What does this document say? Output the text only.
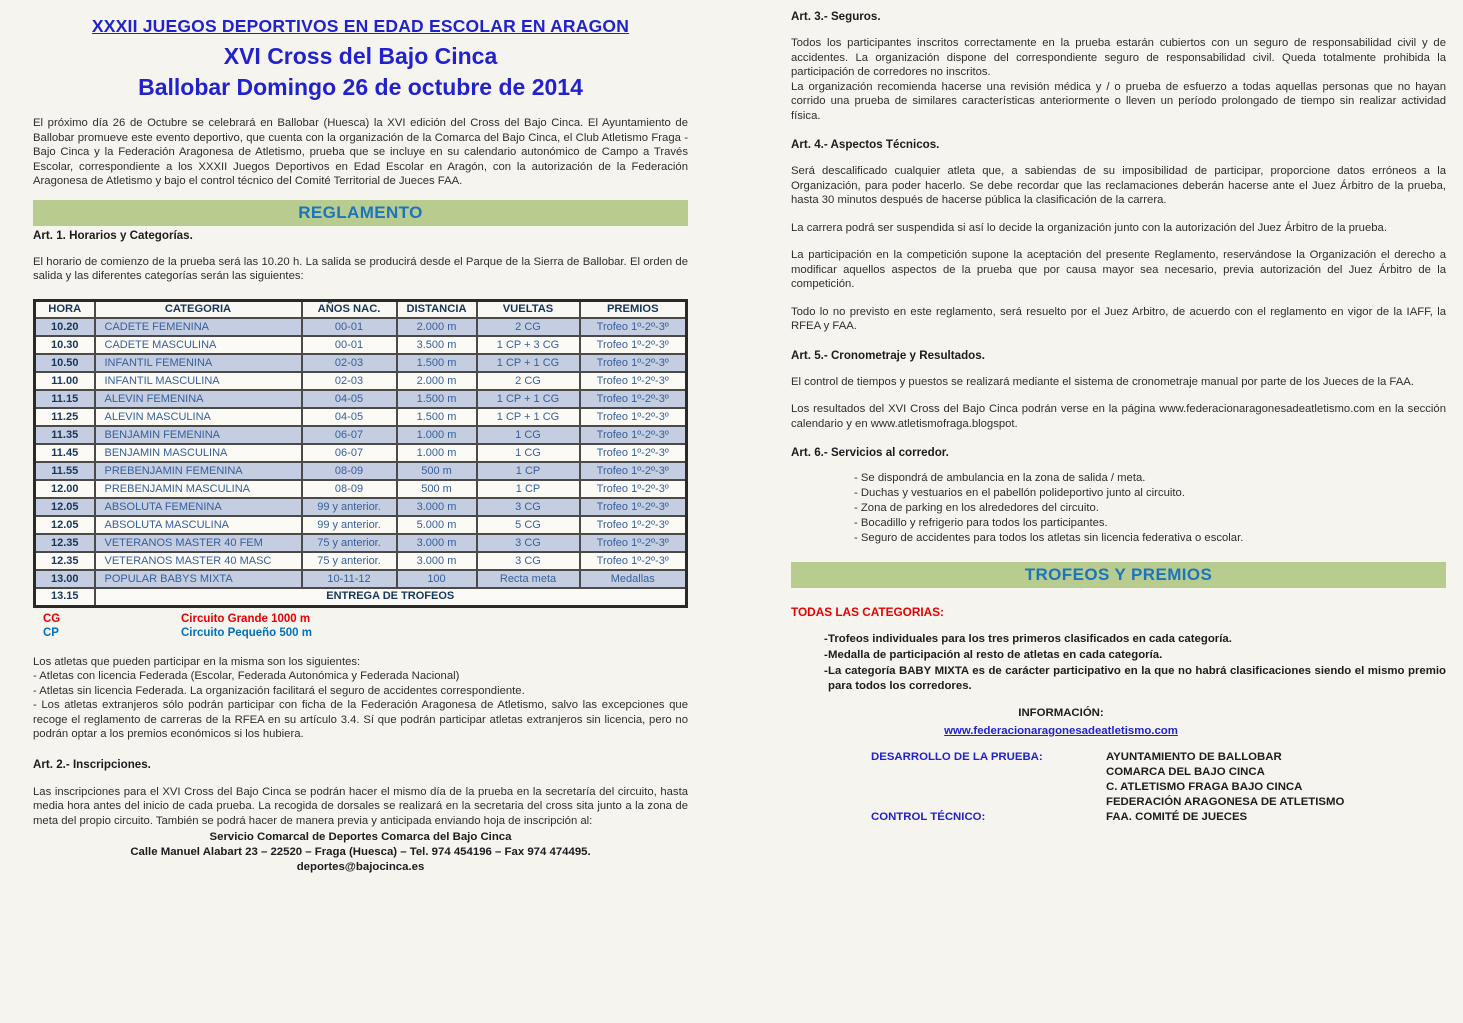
XXXII JUEGOS DEPORTIVOS EN EDAD ESCOLAR EN ARAGON
XVI Cross del Bajo Cinca
Ballobar Domingo 26 de octubre de 2014

El próximo día 26 de Octubre se celebrará en Ballobar (Huesca) la XVI edición del Cross del Bajo Cinca. El Ayuntamiento de Ballobar promueve este evento deportivo, que cuenta con la organización de la Comarca del Bajo Cinca, el Club Atletismo Fraga - Bajo Cinca y la Federación Aragonesa de Atletismo, prueba que se incluye en su calendario autonómico de Campo a Través Escolar, correspondiente a los XXXII Juegos Deportivos en Edad Escolar en Aragón, con la autorización de la Federación Aragonesa de Atletismo y bajo el control técnico del Comité Territorial de Jueces FAA.

REGLAMENTO
Art. 1. Horarios y Categorías.

El horario de comienzo de la prueba será las 10.20 h. La salida se producirá desde el Parque de la Sierra de Ballobar. El orden de salida y las diferentes categorías serán las siguientes:

HORA	CATEGORIA	AÑOS NAC.	DISTANCIA	VUELTAS	PREMIOS
10.20	CADETE FEMENINA	00-01	2.000 m	2 CG	Trofeo 1º-2º-3º
10.30	CADETE MASCULINA	00-01	3.500 m	1 CP + 3 CG	Trofeo 1º-2º-3º
10.50	INFANTIL FEMENINA	02-03	1.500 m	1 CP + 1 CG	Trofeo 1º-2º-3º
11.00	INFANTIL MASCULINA	02-03	2.000 m	2 CG	Trofeo 1º-2º-3º
11.15	ALEVIN FEMENINA	04-05	1.500 m	1 CP + 1 CG	Trofeo 1º-2º-3º
11.25	ALEVIN MASCULINA	04-05	1.500 m	1 CP + 1 CG	Trofeo 1º-2º-3º
11.35	BENJAMIN FEMENINA	06-07	1.000 m	1 CG	Trofeo 1º-2º-3º
11.45	BENJAMIN MASCULINA	06-07	1.000 m	1 CG	Trofeo 1º-2º-3º
11.55	PREBENJAMIN FEMENINA	08-09	500 m	1 CP	Trofeo 1º-2º-3º
12.00	PREBENJAMIN MASCULINA	08-09	500 m	1 CP	Trofeo 1º-2º-3º
12.05	ABSOLUTA FEMENINA	99 y anterior.	3.000 m	3 CG	Trofeo 1º-2º-3º
12.05	ABSOLUTA MASCULINA	99 y anterior.	5.000 m	5 CG	Trofeo 1º-2º-3º
12.35	VETERANOS MASTER 40 FEM	75 y anterior.	3.000 m	3 CG	Trofeo 1º-2º-3º
12.35	VETERANOS MASTER 40 MASC	75 y anterior.	3.000 m	3 CG	Trofeo 1º-2º-3º
13.00	POPULAR BABYS MIXTA	10-11-12	100	Recta meta	Medallas
13.15	ENTREGA DE TROFEOS				
CG	Circuito Grande 1000 m
CP	Circuito Pequeño 500 m

Los atletas que pueden participar en la misma son los siguientes:

- Atletas con licencia Federada (Escolar, Federada Autonómica y Federada Nacional)
- Atletas sin licencia Federada. La organización facilitará el seguro de accidentes correspondiente.
- Los atletas extranjeros sólo podrán participar con ficha de la Federación Aragonesa de Atletismo, salvo las excepciones que recoge el reglamento de carreras de la RFEA en su artículo 3.4. Sí que podrán participar atletas extranjeros sin licencia, pero no podrán optar a los premios económicos si los hubiera.
Art. 2.- Inscripciones.

Las inscripciones para el XVI Cross del Bajo Cinca se podrán hacer el mismo día de la prueba en la secretaría del circuito, hasta media hora antes del inicio de cada prueba. La recogida de dorsales se realizará en la secretaria del cross sita junto a la zona de meta del propio circuito. También se podrá hacer de manera previa y anticipada enviando hoja de inscripción al:

Servicio Comarcal de Deportes Comarca del Bajo Cinca
Calle Manuel Alabart 23 – 22520 – Fraga (Huesca) – Tel. 974 454196 – Fax 974 474495.
deportes@bajocinca.es
Art. 3.- Seguros.

Todos los participantes inscritos correctamente en la prueba estarán cubiertos con un seguro de responsabilidad civil y de accidentes. La organización dispone del correspondiente seguro de responsabilidad civil. Queda totalmente prohibida la participación de corredores no inscritos.

La organización recomienda hacerse una revisión médica y / o prueba de esfuerzo a todas aquellas personas que no hayan corrido una prueba de similares características anteriormente o lleven un período prolongado de tiempo sin realizar actividad física.

Art. 4.- Aspectos Técnicos.

Será descalificado cualquier atleta que, a sabiendas de su imposibilidad de participar, proporcione datos erróneos a la Organización, para poder hacerlo. Se debe recordar que las reclamaciones deberán hacerse ante el Juez Árbitro de la prueba, hasta 30 minutos después de hacerse pública la clasificación de la carrera.

La carrera podrá ser suspendida si así lo decide la organización junto con la autorización del Juez Árbitro de la prueba.

La participación en la competición supone la aceptación del presente Reglamento, reservándose la Organización el derecho a modificar aquellos aspectos de la prueba que por causa mayor sea necesario, previa autorización del Juez Árbitro de la competición.

Todo lo no previsto en este reglamento, será resuelto por el Juez Arbitro, de acuerdo con el reglamento en vigor de la IAFF, la RFEA y FAA.

Art. 5.- Cronometraje y Resultados.

El control de tiempos y puestos se realizará mediante el sistema de cronometraje manual por parte de los Jueces de la FAA.

Los resultados del XVI Cross del Bajo Cinca podrán verse en la página www.federacionaragonesadeatletismo.com en la sección calendario y en www.atletismofraga.blogspot.

Art. 6.- Servicios al corredor.
- Se dispondrá de ambulancia en la zona de salida / meta.
- Duchas y vestuarios en el pabellón polideportivo junto al circuito.
- Zona de parking en los alrededores del circuito.
- Bocadillo y refrigerio para todos los participantes.
- Seguro de accidentes para todos los atletas sin licencia federativa o escolar.
TROFEOS Y PREMIOS
TODAS LAS CATEGORIAS:
- Trofeos individuales para los tres primeros clasificados en cada categoría.
- Medalla de participación al resto de atletas en cada categoría.
- La categoría BABY MIXTA es de carácter participativo en la que no habrá clasificaciones siendo el mismo premio para todos los corredores.
INFORMACIÓN:
www.federacionaragonesadeatletismo.com
DESARROLLO DE LA PRUEBA:	AYUNTAMIENTO DE BALLOBAR
COMARCA DEL BAJO CINCA
C. ATLETISMO FRAGA BAJO CINCA
FEDERACIÓN ARAGONESA DE ATLETISMO
CONTROL TÉCNICO:	FAA. COMITÉ DE JUECES
